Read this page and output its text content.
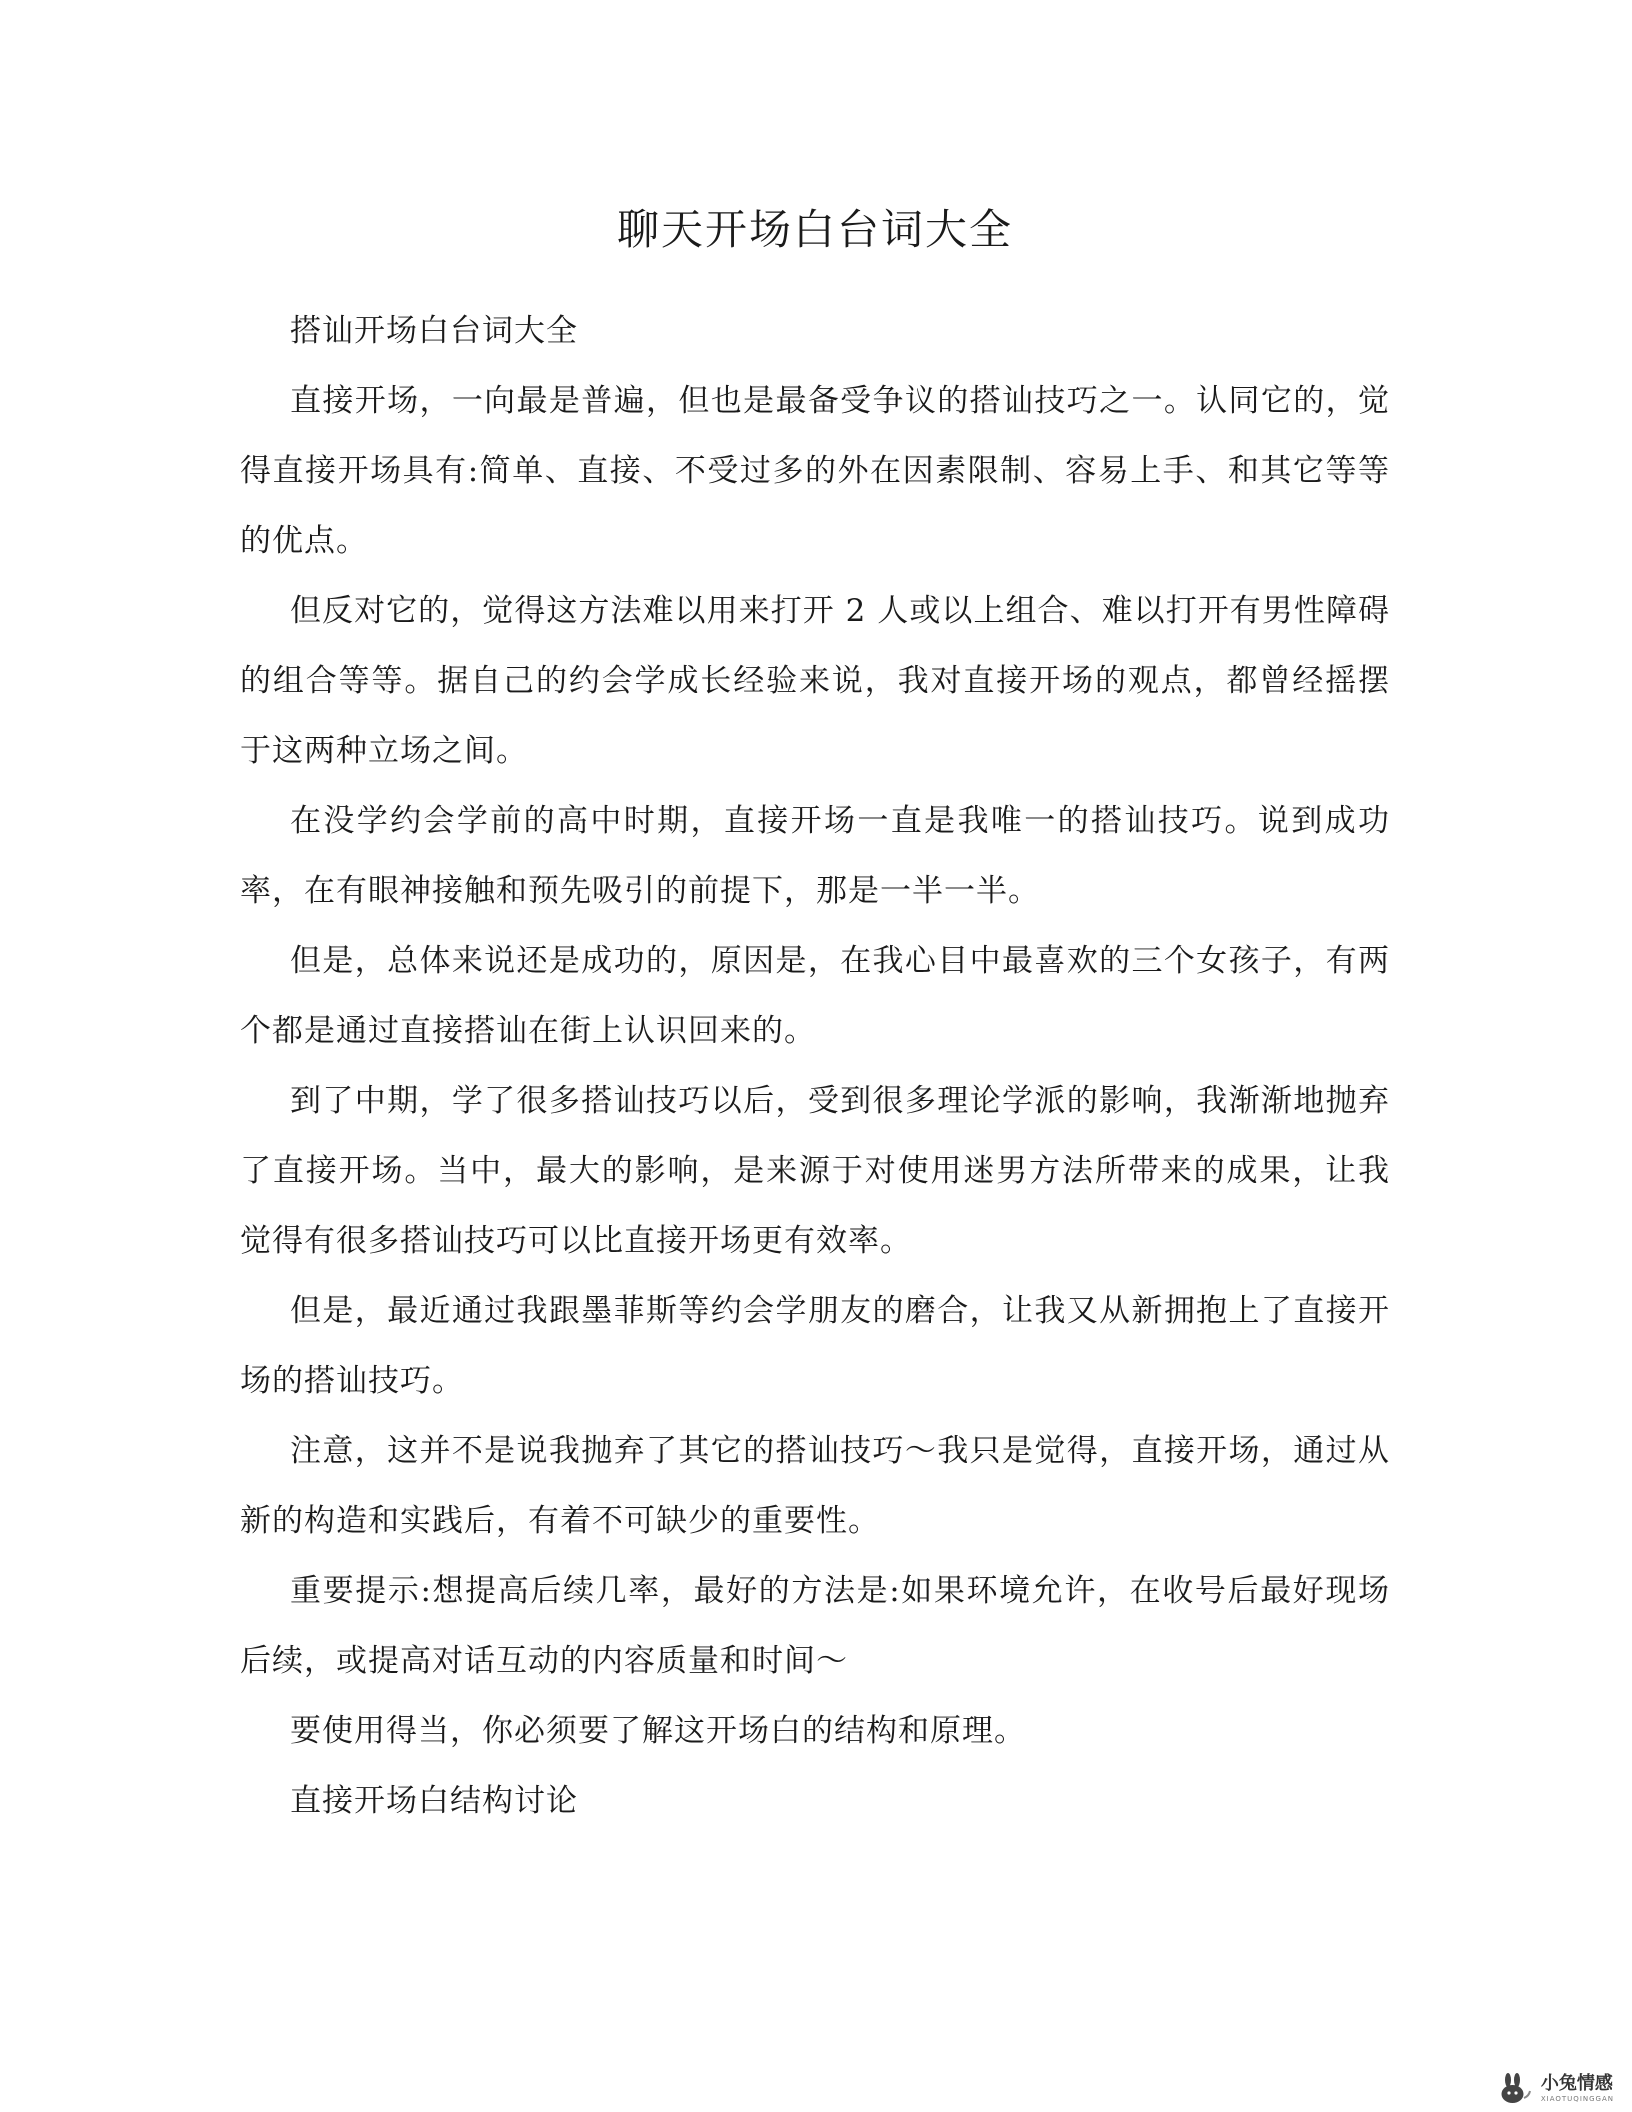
聊天开场白台词大全

搭讪开场白台词大全

直接开场，一向最是普遍，但也是最备受争议的搭讪技巧之一。认同它的，觉得直接开场具有:简单、直接、不受过多的外在因素限制、容易上手、和其它等等的优点。

但反对它的，觉得这方法难以用来打开 2 人或以上组合、难以打开有男性障碍的组合等等。据自己的约会学成长经验来说，我对直接开场的观点，都曾经摇摆于这两种立场之间。

在没学约会学前的高中时期，直接开场一直是我唯一的搭讪技巧。说到成功率，在有眼神接触和预先吸引的前提下，那是一半一半。

但是，总体来说还是成功的，原因是，在我心目中最喜欢的三个女孩子，有两个都是通过直接搭讪在街上认识回来的。

到了中期，学了很多搭讪技巧以后，受到很多理论学派的影响，我渐渐地抛弃了直接开场。当中，最大的影响，是来源于对使用迷男方法所带来的成果，让我觉得有很多搭讪技巧可以比直接开场更有效率。

但是，最近通过我跟墨菲斯等约会学朋友的磨合，让我又从新拥抱上了直接开场的搭讪技巧。

注意，这并不是说我抛弃了其它的搭讪技巧～我只是觉得，直接开场，通过从新的构造和实践后，有着不可缺少的重要性。

重要提示:想提高后续几率，最好的方法是:如果环境允许，在收号后最好现场后续，或提高对话互动的内容质量和时间～

要使用得当，你必须要了解这开场白的结构和原理。

直接开场白结构讨论

小兔情感
XIAOTUQINGGAN
